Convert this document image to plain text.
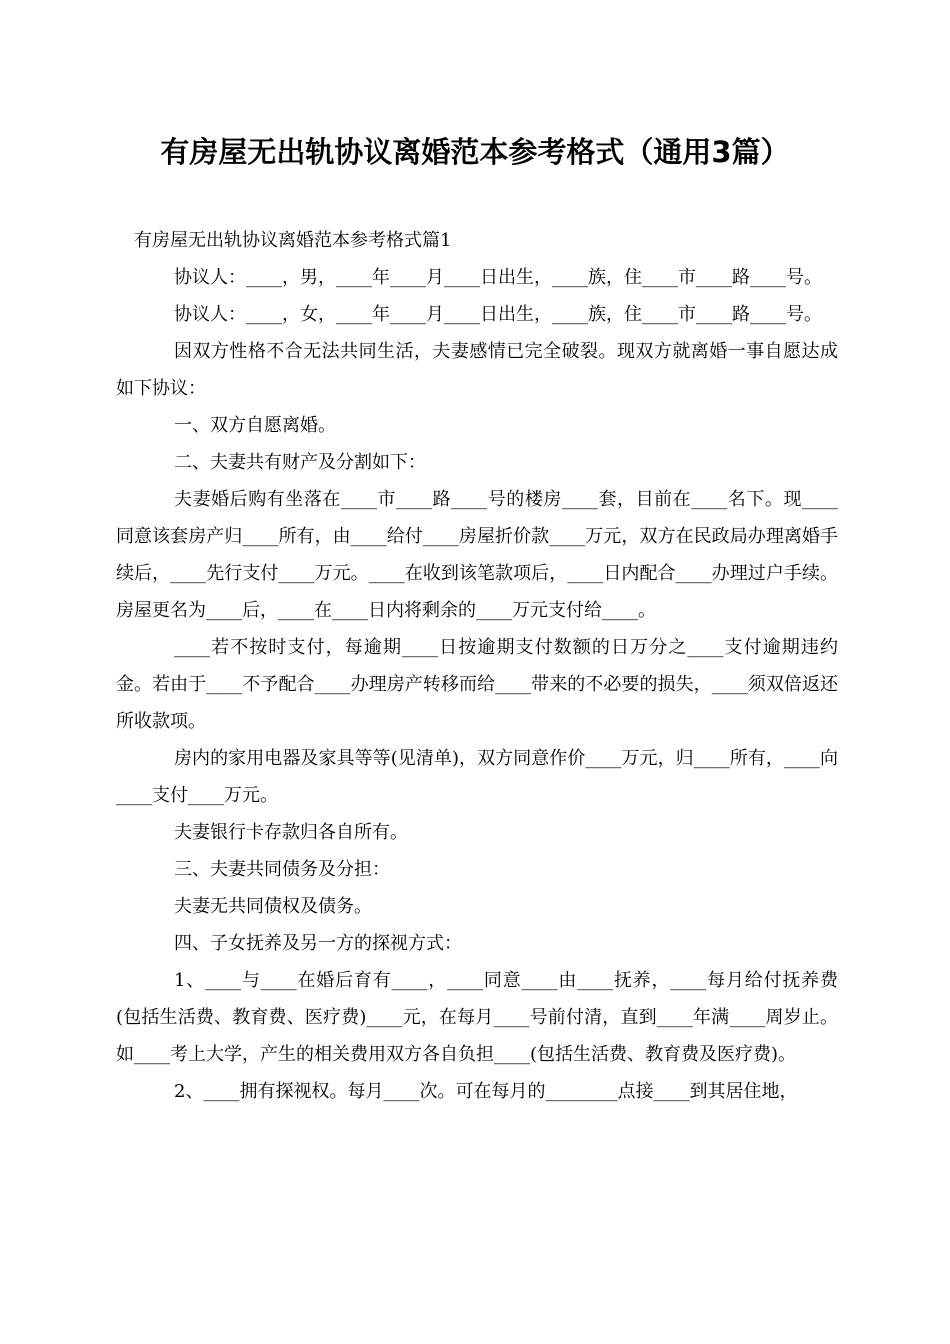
有房屋无出轨协议离婚范本参考格式（通用3篇）

有房屋无出轨协议离婚范本参考格式篇1

协议人：____，男，____年____月____日出生，____族，住____市____路____号。

协议人：____，女，____年____月____日出生，____族，住____市____路____号。

因双方性格不合无法共同生活，夫妻感情已完全破裂。现双方就离婚一事自愿达成如下协议：

一、双方自愿离婚。

二、夫妻共有财产及分割如下：

夫妻婚后购有坐落在____市____路____号的楼房____套，目前在____名下。现____同意该套房产归____所有，由____给付____房屋折价款____万元，双方在民政局办理离婚手续后，____先行支付____万元。____在收到该笔款项后，____日内配合____办理过户手续。房屋更名为____后，____在____日内将剩余的____万元支付给____。

____若不按时支付，每逾期____日按逾期支付数额的日万分之____支付逾期违约金。若由于____不予配合____办理房产转移而给____带来的不必要的损失，____须双倍返还所收款项。

房内的家用电器及家具等等(见清单)，双方同意作价____万元，归____所有，____向____支付____万元。

夫妻银行卡存款归各自所有。

三、夫妻共同债务及分担：

夫妻无共同债权及债务。

四、子女抚养及另一方的探视方式：

1、____与____在婚后育有____，____同意____由____抚养，____每月给付抚养费(包括生活费、教育费、医疗费)____元，在每月____号前付清，直到____年满____周岁止。如____考上大学，产生的相关费用双方各自负担____(包括生活费、教育费及医疗费)。

2、____拥有探视权。每月____次。可在每月的________点接____到其居住地，
